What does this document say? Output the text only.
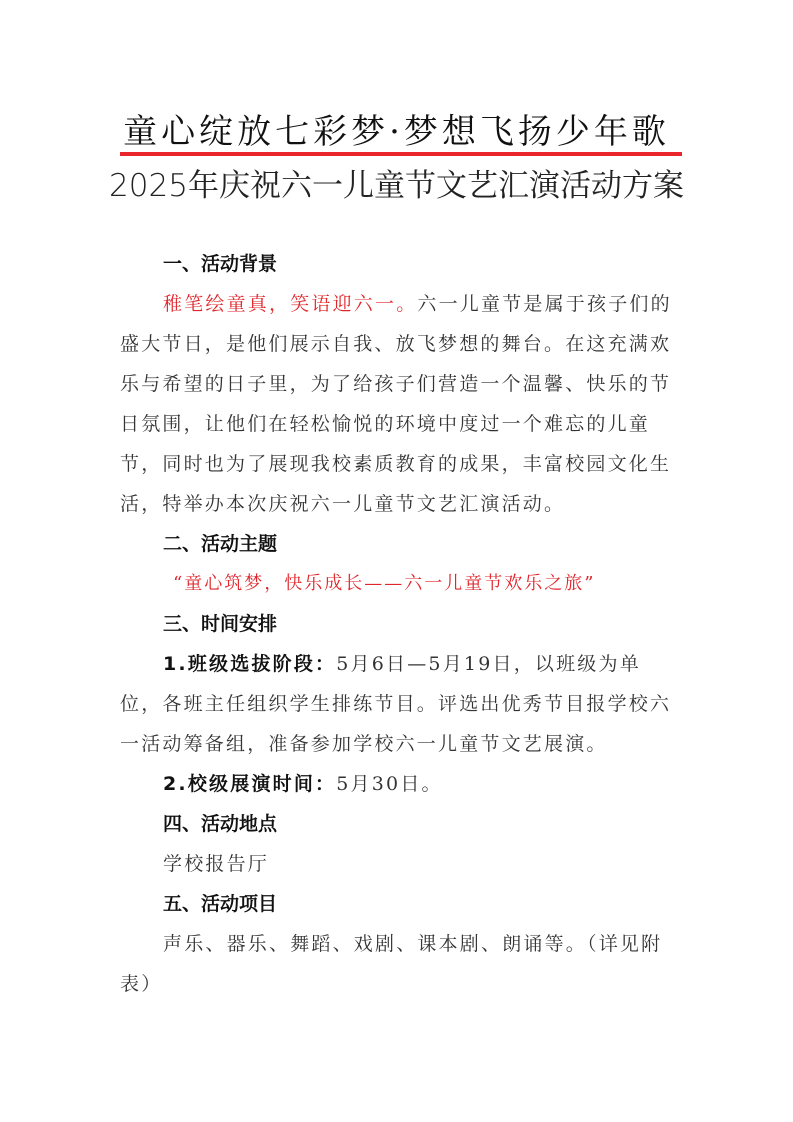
童心绽放七彩梦·梦想飞扬少年歌
2025年庆祝六一儿童节文艺汇演活动方案
一、活动背景
稚笔绘童真，笑语迎六一。六一儿童节是属于孩子们的盛大节日，是他们展示自我、放飞梦想的舞台。在这充满欢乐与希望的日子里，为了给孩子们营造一个温馨、快乐的节日氛围，让他们在轻松愉悦的环境中度过一个难忘的儿童节，同时也为了展现我校素质教育的成果，丰富校园文化生活，特举办本次庆祝六一儿童节文艺汇演活动。
二、活动主题
“童心筑梦，快乐成长——六一儿童节欢乐之旅”
三、时间安排
1.班级选拔阶段：5月6日—5月19日，以班级为单位，各班主任组织学生排练节目。评选出优秀节目报学校六一活动筹备组，准备参加学校六一儿童节文艺展演。
2.校级展演时间：5月30日。
四、活动地点
学校报告厅
五、活动项目
声乐、器乐、舞蹈、戏剧、课本剧、朗诵等。（详见附表）
